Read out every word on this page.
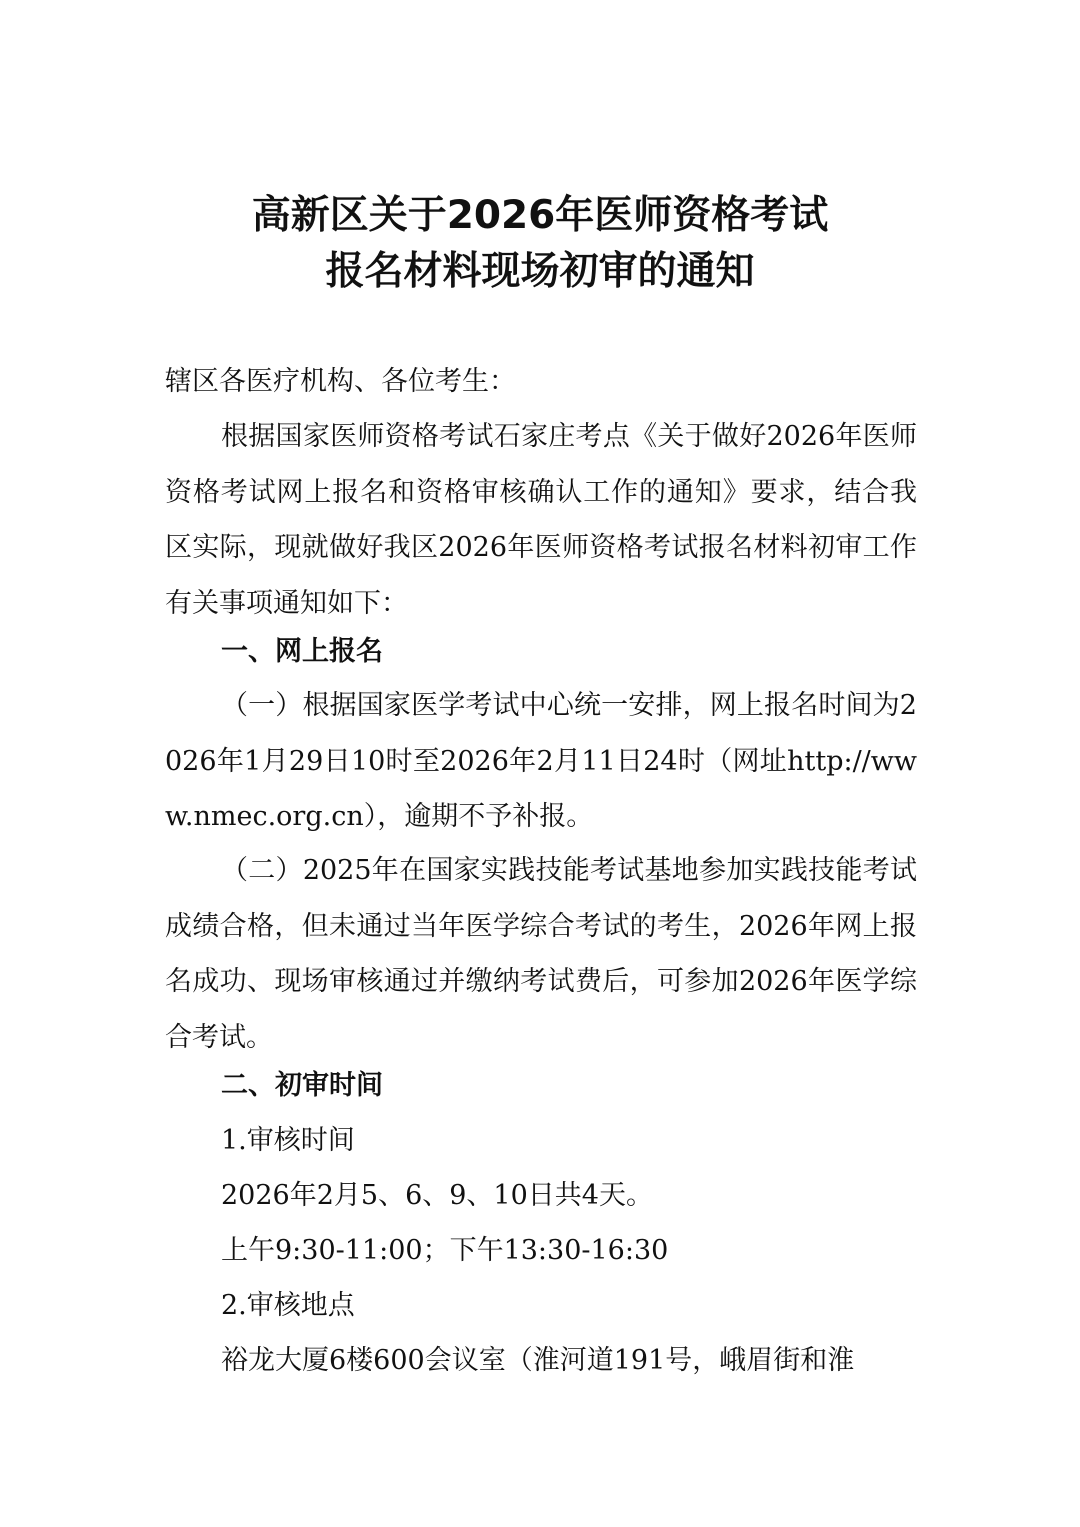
高新区关于2026年医师资格考试
报名材料现场初审的通知

辖区各医疗机构、各位考生：

根据国家医师资格考试石家庄考点《关于做好2026年医师资格考试网上报名和资格审核确认工作的通知》要求，结合我区实际，现就做好我区2026年医师资格考试报名材料初审工作有关事项通知如下：

一、网上报名

（一）根据国家医学考试中心统一安排，网上报名时间为2026年1月29日10时至2026年2月11日24时（网址http://www.nmec.org.cn），逾期不予补报。

（二）2025年在国家实践技能考试基地参加实践技能考试成绩合格，但未通过当年医学综合考试的考生，2026年网上报名成功、现场审核通过并缴纳考试费后，可参加2026年医学综合考试。

二、初审时间

1.审核时间

2026年2月5、6、9、10日共4天。

上午9:30-11:00；下午13:30-16:30

2.审核地点

裕龙大厦6楼600会议室（淮河道191号，峨眉街和淮
